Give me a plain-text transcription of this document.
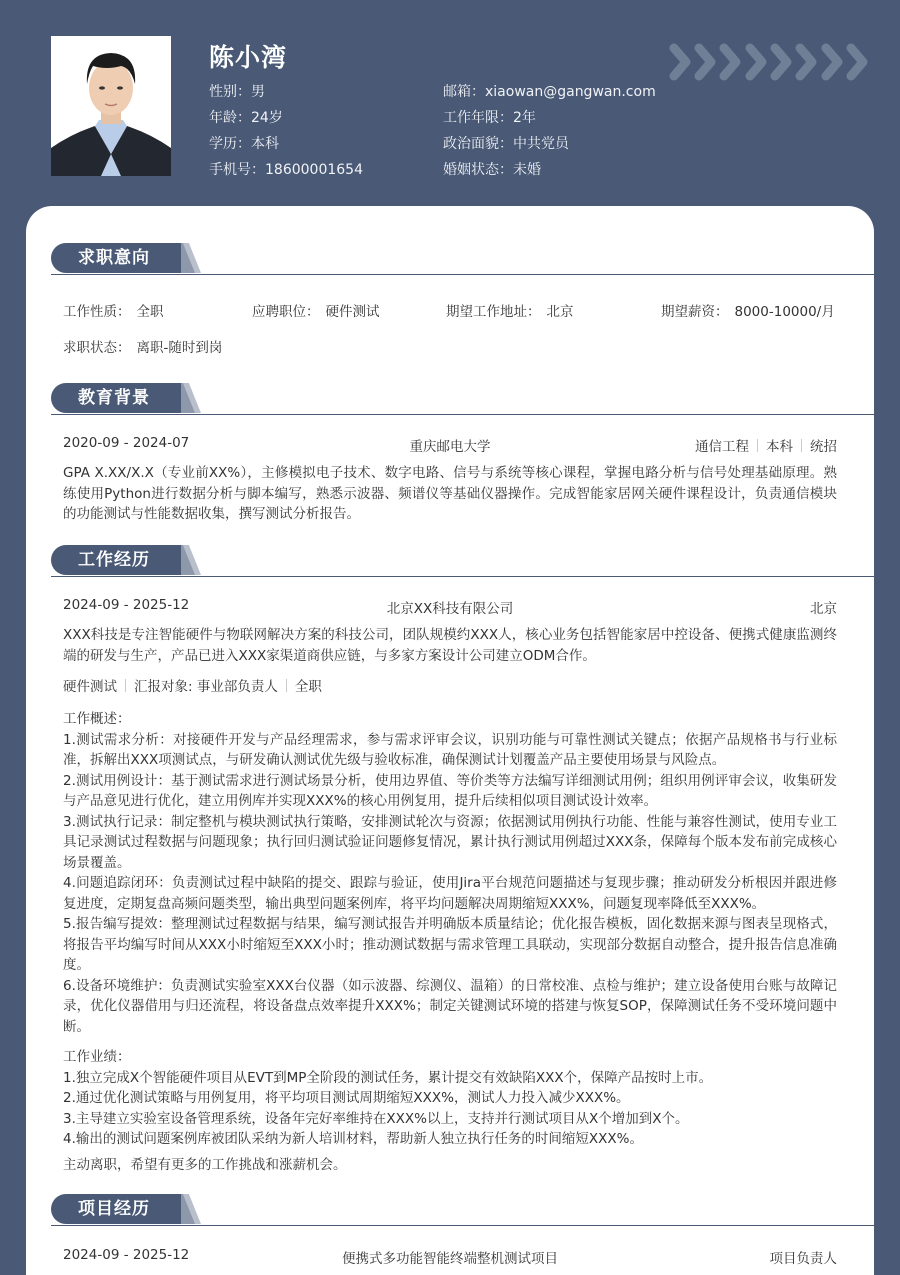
陈小湾
性别：男
年龄：24岁
学历：本科
手机号：18600001654
邮箱：xiaowan@gangwan.com
工作年限：2年
政治面貌：中共党员
婚姻状态：未婚
求职意向
工作性质： 全职	应聘职位： 硬件测试	期望工作地址： 北京	期望薪资： 8000-10000/月
求职状态： 离职-随时到岗
教育背景
2020-09 - 2024-07	重庆邮电大学	通信工程 本科 统招
GPA X.XX/X.X（专业前XX%），主修模拟电子技术、数字电路、信号与系统等核心课程，掌握电路分析与信号处理基础原理。熟练使用Python进行数据分析与脚本编写，熟悉示波器、频谱仪等基础仪器操作。完成智能家居网关硬件课程设计，负责通信模块的功能测试与性能数据收集，撰写测试分析报告。
工作经历
2024-09 - 2025-12	北京XX科技有限公司	北京
XXX科技是专注智能硬件与物联网解决方案的科技公司，团队规模约XXX人，核心业务包括智能家居中控设备、便携式健康监测终端的研发与生产，产品已进入XXX家渠道商供应链，与多家方案设计公司建立ODM合作。
硬件测试 汇报对象: 事业部负责人 全职

工作概述：

1.测试需求分析：对接硬件开发与产品经理需求，参与需求评审会议，识别功能与可靠性测试关键点；依据产品规格书与行业标准，拆解出XXX项测试点，与研发确认测试优先级与验收标准，确保测试计划覆盖产品主要使用场景与风险点。

2.测试用例设计：基于测试需求进行测试场景分析，使用边界值、等价类等方法编写详细测试用例；组织用例评审会议，收集研发与产品意见进行优化，建立用例库并实现XXX%的核心用例复用，提升后续相似项目测试设计效率。

3.测试执行记录：制定整机与模块测试执行策略，安排测试轮次与资源；依据测试用例执行功能、性能与兼容性测试，使用专业工具记录测试过程数据与问题现象；执行回归测试验证问题修复情况，累计执行测试用例超过XXX条，保障每个版本发布前完成核心场景覆盖。

4.问题追踪闭环：负责测试过程中缺陷的提交、跟踪与验证，使用Jira平台规范问题描述与复现步骤；推动研发分析根因并跟进修复进度，定期复盘高频问题类型，输出典型问题案例库，将平均问题解决周期缩短XXX%，问题复现率降低至XXX%。

5.报告编写提效：整理测试过程数据与结果，编写测试报告并明确版本质量结论；优化报告模板，固化数据来源与图表呈现格式，将报告平均编写时间从XXX小时缩短至XXX小时；推动测试数据与需求管理工具联动，实现部分数据自动整合，提升报告信息准确度。

6.设备环境维护：负责测试实验室XXX台仪器（如示波器、综测仪、温箱）的日常校准、点检与维护；建立设备使用台账与故障记录，优化仪器借用与归还流程，将设备盘点效率提升XXX%；制定关键测试环境的搭建与恢复SOP，保障测试任务不受环境问题中断。

工作业绩：

1.独立完成X个智能硬件项目从EVT到MP全阶段的测试任务，累计提交有效缺陷XXX个，保障产品按时上市。

2.通过优化测试策略与用例复用，将平均项目测试周期缩短XXX%，测试人力投入减少XXX%。

3.主导建立实验室设备管理系统，设备年完好率维持在XXX%以上，支持并行测试项目从X个增加到X个。

4.输出的测试问题案例库被团队采纳为新人培训材料，帮助新人独立执行任务的时间缩短XXX%。

主动离职，希望有更多的工作挑战和涨薪机会。
项目经历
2024-09 - 2025-12	便携式多功能智能终端整机测试项目	项目负责人
